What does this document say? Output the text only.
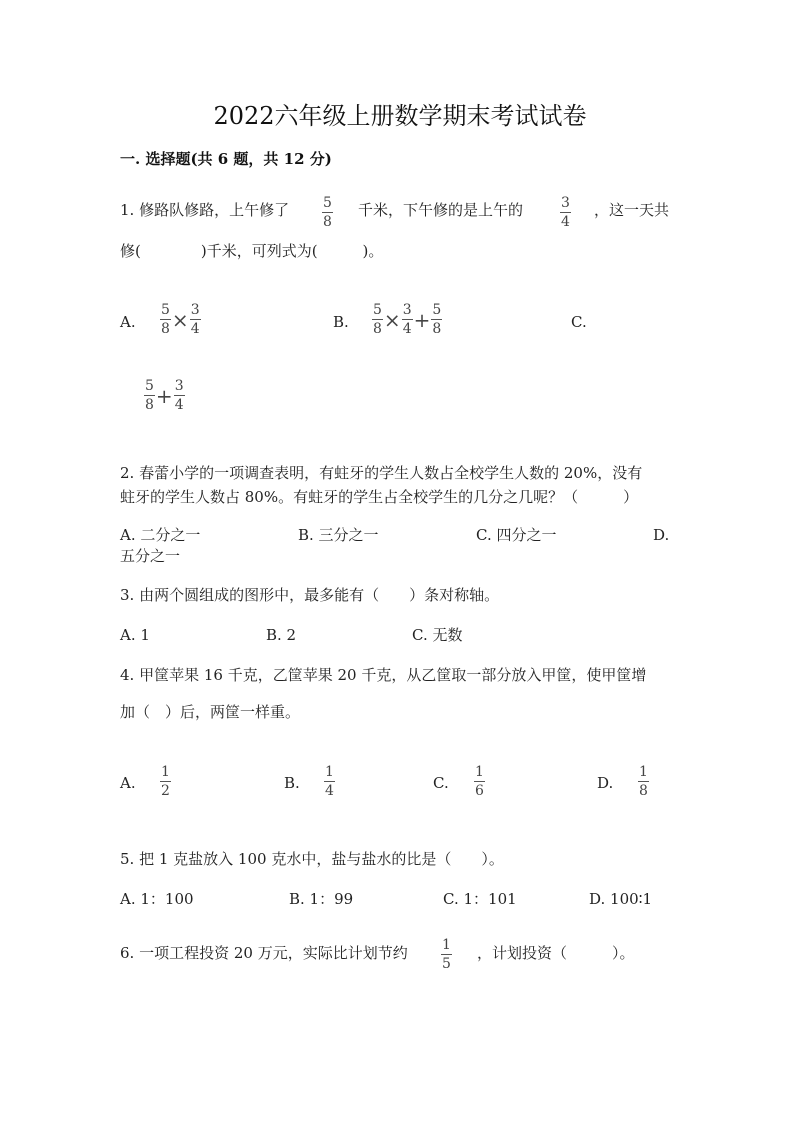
2022六年级上册数学期末考试试卷
一. 选择题(共 6 题，共 12 分)
1. 修路队修路，上午修了 5
8
千米，下午修的是上午的	3
4
，这一天共
修(　　　　)千米，可列式为(　　　)。
A. $\frac{5}{8} \times \frac{3}{4}$	B. $\frac{5}{8} \times \frac{3}{4} + \frac{5}{8}$	C.
$\frac{5}{8} + \frac{3}{4}$
2. 春蕾小学的一项调查表明，有蛀牙的学生人数占全校学生人数的 20%，没有
蛀牙的学生人数占 80%。有蛀牙的学生占全校学生的几分之几呢？（　　　）
A. 二分之一	B. 三分之一	C. 四分之一	D.
五分之一
3. 由两个圆组成的图形中，最多能有（　　）条对称轴。
A. 1	B. 2	C. 无数
4. 甲筐苹果 16 千克，乙筐苹果 20 千克，从乙筐取一部分放入甲筐，使甲筐增
加（　）后，两筐一样重。
A.
1
2	B.
1
4	C.
1
6	D.
1
8
5. 把 1 克盐放入 100 克水中，盐与盐水的比是（　　）。
A. 1：100	B. 1：99	C. 1：101	D. 100∶1
6. 一项工程投资 20 万元，实际比计划节约 1
5
，计划投资（　　　）。
